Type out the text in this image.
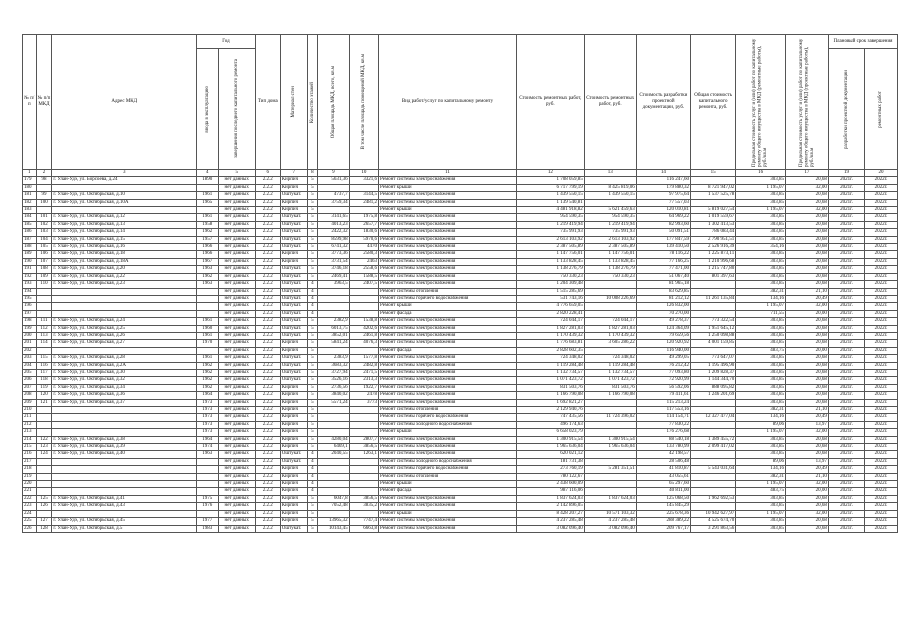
№ п/п	№ п/п МКД	Адрес МКД	Год		Тип дома	Материал стен	Количество этажей	Общая площадь МКД, всего, кв.м	В том числе площадь помещений МКД, кв.м	Вид работ/услуг по капитальному ремонту	Стоимость ремонтных работ, руб.	Стоимость ремонтных работ, руб.	Стоимость разработки проектной документации, руб.	Общая стоимость капитального ремонта, руб.	Предельная стоимость услуг и (или) работ по капитальному ремонту общего имущества в МКД (ремонтные работы), руб./кв.м	Предельная стоимость услуг и (или) работ по капитальному ремонту общего имущества в МКД (проектные работы), руб./кв.м	Плановый срок завершения	

			ввода в эксплуатацию	завершения последнего капитального ремонта													разработки проектной документации	ремонтных работ

1	2	3	4	5	6	7	8	9	10	11	12	13	14	15	16	17	19	20
179	98	г. Улан-Удэ, ул. Борсоева, д.24	1890	нет данных	2.2.2	Кирпич	5	5631,36	3321,6	Ремонт системы электроснабжения	1 708 059,85		116 247,60		303,85	20,68	2021г.	2022г.
180				нет данных	2.2.2	Кирпич	5			Ремонт крыши	6 717 799,19	8 425 819,06	179 880,32	8 721 947,02	1 195,07	32,00	2021г.	2022г.
181	99	г. Улан-Удэ, ул. Октябрьская, д.10	1961	нет данных	2.2.2	Оштукат.	5	4737,7	3144,5	Ремонт системы электроснабжения	1 439 550,15	1 439 550,15	97 975,64	1 537 525,78	303,85	20,68	2021г.	2022г.
182	100	г. Улан-Удэ, ул. Октябрьская, д.10А	1965	нет данных	2.2.2	Кирпич	5	3759,34	2481,2	Ремонт системы электроснабжения	1 139 540,81		77 557,03		303,85	20,68	2021г.	2022г.
183				нет данных	2.2.2	Кирпич	5			Ремонт крыши	4 481 918,82	5 621 459,63	120 010,81	5 819 027,54	1 195,07	32,00	2021г.	2022г.
184	101	г. Улан-Удэ, ул. Октябрьская, д.12	1961	нет данных	2.2.2	Оштукат.	5	3141,65	1975,8	Ремонт системы электроснабжения	954 590,35	954 590,35	64 969,22	1 019 559,67	303,85	20,68	2021г.	2022г.
185	102	г. Улан-Удэ, ул. Октябрьская, д.13	1958	нет данных	2.2.2	Оштукат.	5	4013,23	2657,7	Ремонт системы электроснабжения	1 219 419,94	1 219 419,94	82 993,60	1 302 413,53	303,85	20,68	2021г.	2022г.
186	103	г. Улан-Удэ, ул. Октябрьская, д.14	1962	нет данных	2.2.2	Оштукат.	5	2422,32	1830,6	Ремонт системы электроснабжения	735 991,93	735 991,93	50 091,51	786 083,44	303,85	20,68	2021г.	2022г.
187	104	г. Улан-Удэ, ул. Октябрьская, д.15	1957	нет данных	2.2.2	Оштукат.	5	8599,98	5970,6	Ремонт системы электроснабжения	2 613 103,92	2 613 103,92	177 847,59	2 790 951,51	303,85	20,68	2021г.	2022г.
188	105	г. Улан-Удэ, ул. Октябрьская, д.16	1966	нет данных	2.2.2	Оштукат.	5	6741,32	4470	Ремонт системы электроснабжения	2 387 505,89	2 387 505,89	139 410,50	2 526 916,39	354,16	20,68	2021г.	2022г.
189	106	г. Улан-Удэ, ул. Октябрьская, д.18	1966	нет данных	2.2.2	Кирпич	5	3773,36	2580,3	Ремонт системы электроснабжения	1 147 756,01	1 147 756,01	78 116,22	1 225 873,11	303,85	20,68	2021г.	2022г.
190	107	г. Улан-Удэ, ул. Октябрьская, д.18А	1967	нет данных	2.2.2	Кирпич	5	3731,54	2463	Ремонт системы электроснабжения	1 133 828,45	1 133 828,45	77 166,25	1 210 996,68	303,85	20,68	2021г.	2022г.
191	108	г. Улан-Удэ, ул. Октябрьская, д.20	1963	нет данных	2.2.2	Оштукат.	5	3746,18	2558,6	Ремонт системы электроснабжения	1 138 276,79	1 138 276,79	77 471,00	1 215 747,80	303,85	20,68	2021г.	2022г.
192	109	г. Улан-Удэ, ул. Октябрьская, д.22	1962	нет данных	2.2.2	Оштукат.	5	2469,41	1588,5	Ремонт системы электроснабжения	750 330,23	750 330,23	51 067,40	801 397,63	303,85	20,68	2021г.	2022г.
193	110	г. Улан-Удэ, ул. Октябрьская, д.23	1963	нет данных	2.2.2	Оштукат.	4	3963,5	2407,5	Ремонт системы электроснабжения	1 204 309,48		81 965,18		303,85	20,68	2021г.	2022г.
194				нет данных	2.2.2	Оштукат.	4			Ремонт системы отопления	1 515 285,69		83 629,85		382,31	21,10	2021г.	2022г.
195				нет данных	2.2.2	Оштукат.	4			Ремонт системы горячего водоснабжения	531 743,16	10 008 226,69	81 212,12	11 261 135,84	134,16	20,49	2021г.	2022г.
196				нет данных	2.2.2	Оштукат.	4			Ремонт крыши	4 776 659,05		126 832,00		1 195,07	32,00	2021г.	2022г.
197				нет данных	2.2.2	Оштукат.	4			Ремонт фасада	2 820 228,41		70 270,00		711,55	20,00	2021г.	2022г.
198	111	г. Улан-Удэ, ул. Октябрьская, д.24	1961	нет данных	2.2.2	Оштукат.	5	2382,9	1538,8	Ремонт системы электроснабжения	724 044,17	724 044,17	49 278,37	773 322,54	303,85	20,68	2021г.	2022г.
199	112	г. Улан-Удэ, ул. Октябрьская, д.25	1960	нет данных	2.2.2	Оштукат.	5	6013,75	4202,6	Ремонт системы электроснабжения	1 827 281,03	1 827 281,03	124 364,09	1 951 645,12	303,85	20,68	2021г.	2022г.
200	113	г. Улан-Удэ, ул. Октябрьская, д.26	1961	нет данных	2.2.2	Оштукат.	5	3852,01	2461,8	Ремонт системы электроснабжения	1 170 439,32	1 170 439,32	79 659,56	1 250 098,88	303,85	20,68	2021г.	2022г.
201	114	г. Улан-Удэ, ул. Октябрьская, д.27	1970	нет данных	2.2.2	Кирпич	5	5841,24	4076,3	Ремонт системы электроснабжения	1 776 683,81	3 605 286,22	120 920,92	4 001 159,85	303,85	20,68	2021г.	2022г.
202				нет данных	2.2.2	Кирпич	5			Ремонт фасада	2 828 602,35		116 940,00		483,75	20,00	2021г.	2022г.
203	115	г. Улан-Удэ, ул. Октябрьская, д.28	1961	нет данных	2.2.2	Оштукат.	5	2383,9	1577,8	Ремонт системы электроснабжения	724 348,02	724 348,02	49 299,05	773 647,07	303,85	20,68	2021г.	2022г.
204	116	г. Улан-Удэ, ул. Октябрьская, д.2А	1962	нет данных	2.2.2	Оштукат.	5	3683,32	2482,8	Ремонт системы электроснабжения	1 119 284,48	1 119 284,48	76 212,42	1 195 496,90	303,85	20,68	2021г.	2022г.
205	117	г. Улан-Удэ, ул. Октябрьская, д.30	1962	нет данных	2.2.2	Оштукат.	5	3727,94	2471,5	Ремонт системы электроснабжения	1 132 734,57	1 132 734,57	77 093,80	1 209 828,37	303,85	20,68	2021г.	2022г.
206	118	г. Улан-Удэ, ул. Октябрьская, д.32	1962	нет данных	2.2.2	Оштукат.	5	3526,16	2313,3	Ремонт системы электроснабжения	1 071 423,72	1 071 423,72	72 920,99	1 144 344,70	303,85	20,68	2021г.	2022г.
207	119	г. Улан-Удэ, ул. Октябрьская, д.34	1962	нет данных	2.2.2	Кирпич	5	2736,56	1922,7	Ремонт системы электроснабжения	831 503,76	831 503,76	56 592,06	888 095,82	303,85	20,68	2021г.	2022г.
208	120	г. Улан-Удэ, ул. Октябрьская, д.36	1964	нет данных	2.2.2	Кирпич	5	3840,02	2478	Ремонт системы электроснабжения	1 166 790,08	1 166 790,08	79 411,61	1 246 201,69	303,85	20,68	2021г.	2022г.
209	121	г. Улан-Удэ, ул. Октябрьская, д.37	1973	нет данных	2.2.2	Кирпич	5	5571,24	3773	Ремонт системы электроснабжения	1 692 821,27		115 213,24		303,85	20,68	2021г.	2022г.
210			1973	нет данных	2.2.2	Кирпич	5			Ремонт системы отопления	2 129 940,76		117 553,16		382,31	21,10	2021г.	2022г.
211			1973	нет данных	2.2.2	Кирпич	5			Ремонт системы горячего водоснабжения	747 435,56	11 724 396,02	114 154,71	12 327 477,04	134,16	20,49	2021г.	2022г.
212			1973	нет данных	2.2.2	Кирпич	5			Ремонт системы холодного водоснабжения	496 174,63		77 830,22		89,06	13,97	2021г.	2022г.
213			1973	нет данных	2.2.2	Кирпич	5			Ремонт крыши	6 658 023,79		176 276,68		1 195,07	32,00	2021г.	2022г.
214	122	г. Улан-Удэ, ул. Октябрьская, д.38	1964	нет данных	2.2.2	Кирпич	5	4280,04	2807,7	Ремонт системы электроснабжения	1 300 915,54	1 300 915,54	88 540,18	1 389 455,72	303,85	20,68	2021г.	2022г.
215	123	г. Улан-Удэ, ул. Октябрьская, д.39	1974	нет данных	2.2.2	Кирпич	5	6469,1	3856,5	Ремонт системы электроснабжения	1 965 636,04	1 965 636,04	133 780,99	2 099 417,02	303,85	20,68	2021г.	2022г.
216	124	г. Улан-Удэ, ул. Октябрьская, д.40	1963	нет данных	2.2.2	Оштукат.	4	2040,55	1263,1	Ремонт системы электроснабжения	620 021,12		42 198,57		303,85	20,68	2021г.	2022г.
217				нет данных	2.2.2	Оштукат.	4			Ремонт системы холодного водоснабжения	181 731,38		28 506,48		89,06	13,97	2021г.	2022г.
218				нет данных	2.2.2	Кирпич	4			Ремонт системы горячего водоснабжения	273 760,19	5 281 351,51	41 810,87	5 543 031,64	134,16	20,49	2021г.	2022г.
219				нет данных	2.2.2	Кирпич	4			Ремонт системы отопления	780 122,67		43 055,61		382,31	21,10	2021г.	2022г.
220				нет данных	2.2.2	Кирпич	4			Ремонт крыши	2 438 600,09		65 297,60		1 195,07	32,00	2021г.	2022г.
221				нет данных	2.2.2	Кирпич	4			Ремонт фасада	987 116,06		40 811,00		483,75	20,00	2021г.	2022г.
222	125	г. Улан-Удэ, ул. Октябрьская, д.41	1975	нет данных	2.2.2	Кирпич	5	6047,8	3856,5	Ремонт системы электроснабжения	1 837 624,03	1 837 624,03	125 068,50	1 962 692,53	303,85	20,68	2021г.	2022г.
223	126	г. Улан-Удэ, ул. Октябрьская, д.43	1976	нет данных	2.2.2	Кирпич	5	7052,48	3835,2	Ремонт системы электроснабжения	2 142 896,05		145 845,29		303,85	20,68	2021г.	2022г.
224				нет данных	2.2.2	Кирпич	5			Ремонт крыши	8 428 207,27	10 571 103,32	225 678,36	10 942 627,97	1 195,07	32,00	2021г.	2022г.
225	127	г. Улан-Удэ, ул. Октябрьская, д.45	1977	нет данных	2.2.2	Кирпич	5	13965,32	7747,4	Ремонт системы электроснабжения	4 237 285,48	4 237 285,48	288 389,22	4 525 674,70	303,85	20,68	2021г.	2022г.
226	128	г. Улан-Удэ, ул. Октябрьская, д.5	1983	нет данных	2.2.2	Оштукат.	5	10143,45	6663,8	Ремонт системы электроснабжения	3 082 096,40	3 082 096,40	209 767,17	3 291 863,56	303,85	20,68	2021г.	2022г.
